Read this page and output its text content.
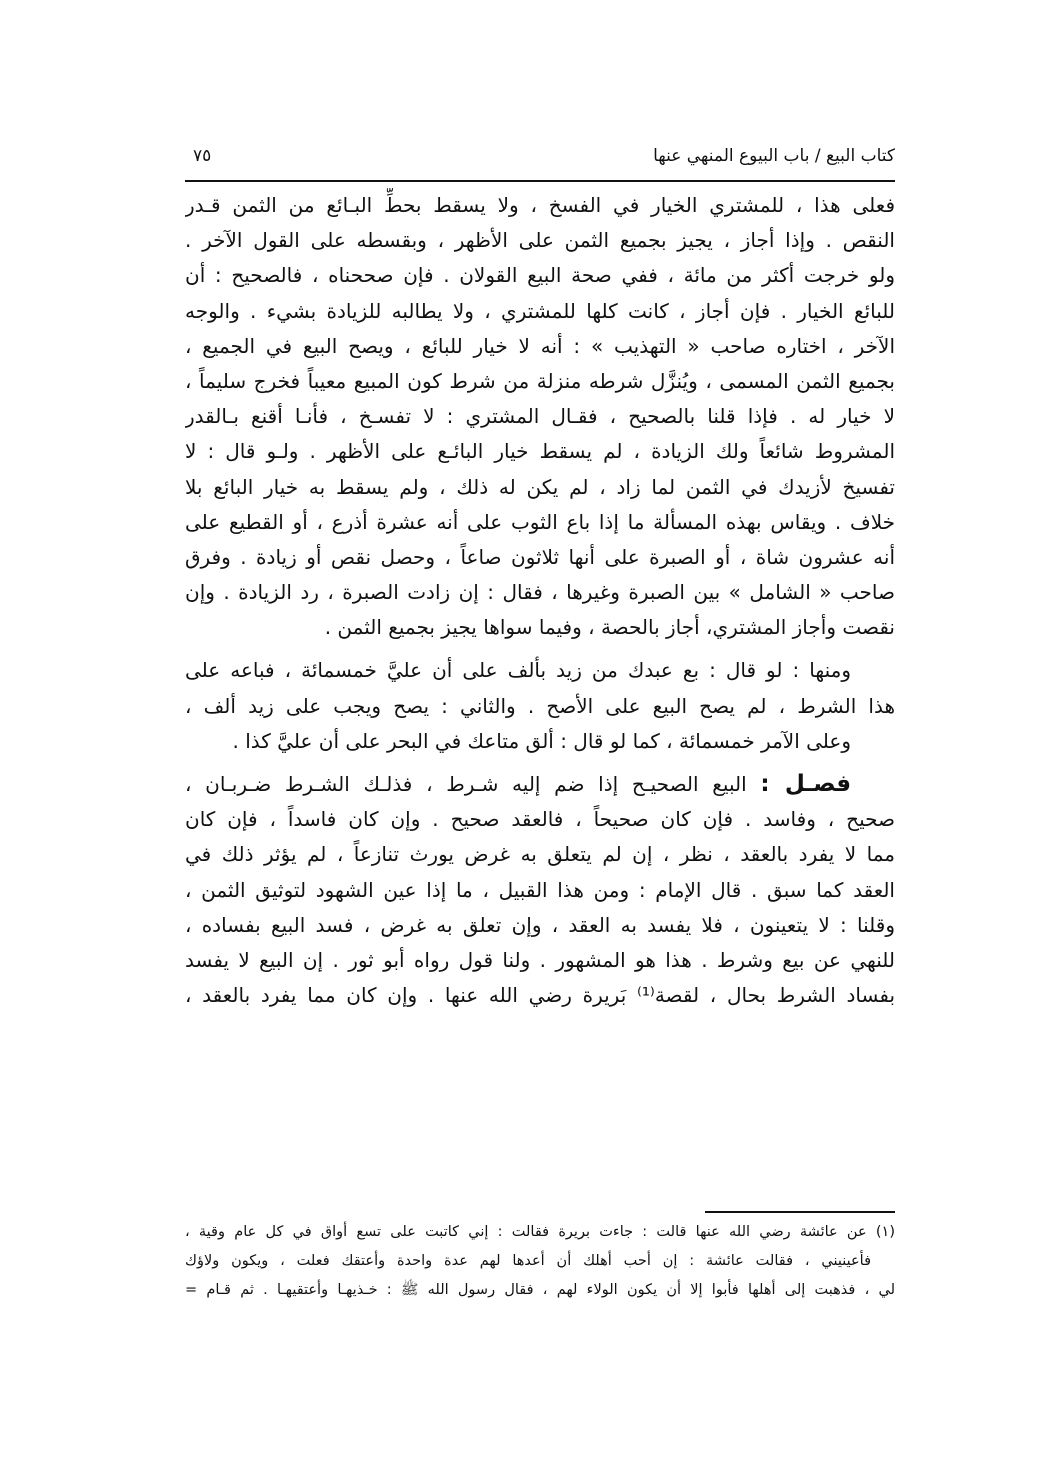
كتاب البيع / باب البيوع المنهي عنها
٧٥
فعلى هذا ، للمشتري الخيار في الفسخ ، ولا يسقط بحطِّ البـائع من الثمن قـدر
النقص . وإذا أجاز ، يجيز بجميع الثمن على الأظهر ، وبقسطه على القول الآخر .
ولو خرجت أكثر من مائة ، ففي صحة البيع القولان . فإن صححناه ، فالصحيح : أن
للبائع الخيار . فإن أجاز ، كانت كلها للمشتري ، ولا يطالبه للزيادة بشيء . والوجه
الآخر ، اختاره صاحب « التهذيب » : أنه لا خيار للبائع ، ويصح البيع في الجميع ،
بجميع الثمن المسمى ، ويُنزَّل شرطه منزلة من شرط كون المبيع معيباً فخرج سليماً ،
لا خيار له . فإذا قلنا بالصحيح ، فقـال المشتري : لا تفسـخ ، فأنـا أقنع بـالقدر
المشروط شائعاً ولك الزيادة ، لم يسقط خيار البائـع على الأظهر . ولـو قال : لا
تفسيخ لأزيدك في الثمن لما زاد ، لم يكن له ذلك ، ولم يسقط به خيار البائع بلا
خلاف . ويقاس بهذه المسألة ما إذا باع الثوب على أنه عشرة أذرع ، أو القطيع على
أنه عشرون شاة ، أو الصبرة على أنها ثلاثون صاعاً ، وحصل نقص أو زيادة . وفرق
صاحب « الشامل » بين الصبرة وغيرها ، فقال : إن زادت الصبرة ، رد الزيادة . وإن
نقصت وأجاز المشتري، أجاز بالحصة ، وفيما سواها يجيز بجميع الثمن .
ومنها : لو قال : بع عبدك من زيد بألف على أن عليَّ خمسمائة ، فباعه على
هذا الشرط ، لم يصح البيع على الأصح . والثاني : يصح ويجب على زيد ألف ،
وعلى الآمر خمسمائة ، كما لو قال : ألق متاعك في البحر على أن عليَّ كذا .
فصـل : البيع الصحيـح إذا ضم إليه شـرط ، فذلـك الشـرط ضـربـان ،
صحيح ، وفاسد . فإن كان صحيحاً ، فالعقد صحيح . وإن كان فاسداً ، فإن كان
مما لا يفرد بالعقد ، نظر ، إن لم يتعلق به غرض يورث تنازعاً ، لم يؤثر ذلك في
العقد كما سبق . قال الإمام : ومن هذا القبيل ، ما إذا عين الشهود لتوثيق الثمن ،
وقلنا : لا يتعينون ، فلا يفسد به العقد ، وإن تعلق به غرض ، فسد البيع بفساده ،
للنهي عن بيع وشرط . هذا هو المشهور . ولنا قول رواه أبو ثور . إن البيع لا يفسد
بفساد الشرط بحال ، لقصة⁽¹⁾ بَريرة رضي الله عنها . وإن كان مما يفرد بالعقد ،
(١) عن عائشة رضي الله عنها قالت : جاءت بريرة فقالت : إني كاتبت على تسع أواق في كل عام وقية ،
فأعينيني ، فقالت عائشة : إن أحب أهلك أن أعدها لهم عدة واحدة وأعتقك فعلت ، ويكون ولاؤك
لي ، فذهبت إلى أهلها فأبوا إلا أن يكون الولاء لهم ، فقال رسول الله ﷺ : خـذيهـا وأعتقيهـا . ثم قـام =
